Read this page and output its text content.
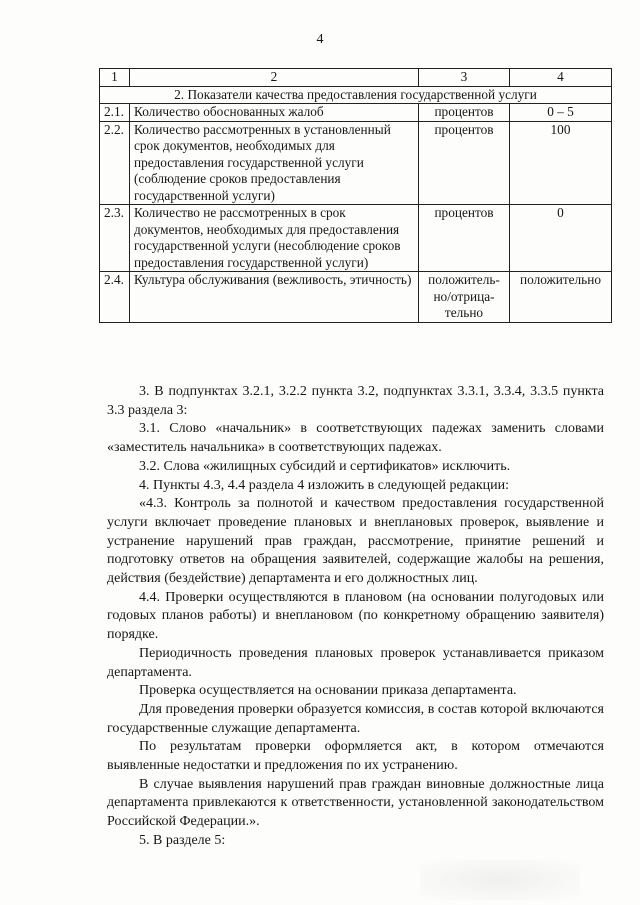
4
1	2	3	4
2. Показатели качества предоставления государственной услуги			
2.1.	Количество обоснованных жалоб	процентов	0 – 5
2.2.	Количество рассмотренных в установленный срок документов, необходимых для предоставления государственной услуги (соблюдение сроков предоставления государственной услуги)	процентов	100
2.3.	Количество не рассмотренных в срок документов, необходимых для предоставления государственной услуги (несоблюдение сроков предоставления государственной услуги)	процентов	0
2.4.	Культура обслуживания (вежливость, этичность)	положитель-но/отрица-тельно	положительно

3. В подпунктах 3.2.1, 3.2.2 пункта 3.2, подпунктах 3.3.1, 3.3.4, 3.3.5 пункта 3.3 раздела 3:

3.1. Слово «начальник» в соответствующих падежах заменить словами «заместитель начальника» в соответствующих падежах.

3.2. Слова «жилищных субсидий и сертификатов» исключить.

4. Пункты 4.3, 4.4 раздела 4 изложить в следующей редакции:

«4.3. Контроль за полнотой и качеством предоставления государственной услуги включает проведение плановых и внеплановых проверок, выявление и устранение нарушений прав граждан, рассмотрение, принятие решений и подготовку ответов на обращения заявителей, содержащие жалобы на решения, действия (бездействие) департамента и его должностных лиц.

4.4. Проверки осуществляются в плановом (на основании полугодовых или годовых планов работы) и внеплановом (по конкретному обращению заявителя) порядке.

Периодичность проведения плановых проверок устанавливается приказом департамента.

Проверка осуществляется на основании приказа департамента.

Для проведения проверки образуется комиссия, в состав которой включаются государственные служащие департамента.

По результатам проверки оформляется акт, в котором отмечаются выявленные недостатки и предложения по их устранению.

В случае выявления нарушений прав граждан виновные должностные лица департамента привлекаются к ответственности, установленной законодательством Российской Федерации.».

5. В разделе 5:
